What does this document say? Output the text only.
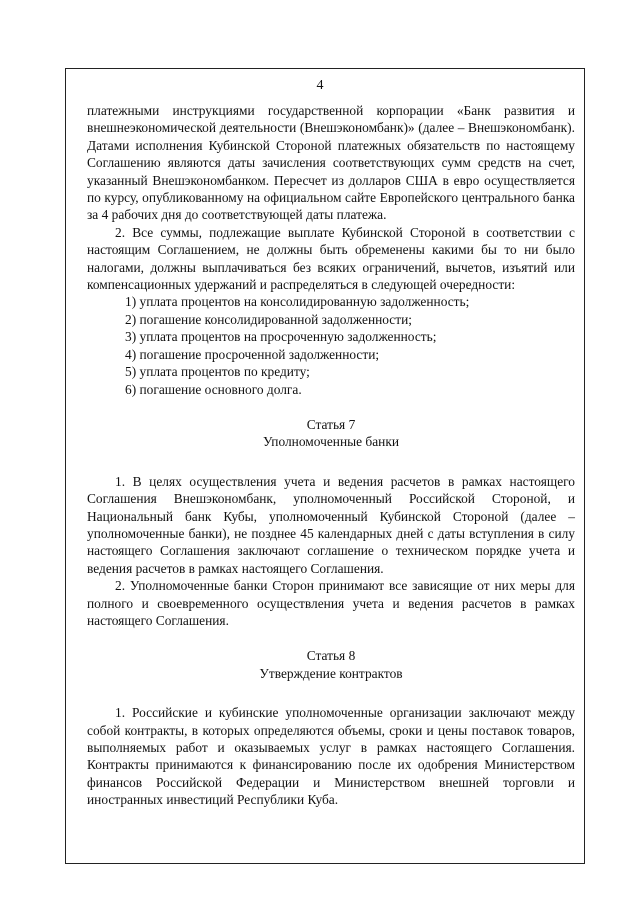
4

платежными инструкциями государственной корпорации «Банк развития и внешнеэкономической деятельности (Внешэкономбанк)» (далее – Внешэкономбанк). Датами исполнения Кубинской Стороной платежных обязательств по настоящему Соглашению являются даты зачисления соответствующих сумм средств на счет, указанный Внешэкономбанком. Пересчет из долларов США в евро осуществляется по курсу, опубликованному на официальном сайте Европейского центрального банка за 4 рабочих дня до соответствующей даты платежа.

2. Все суммы, подлежащие выплате Кубинской Стороной в соответствии с настоящим Соглашением, не должны быть обременены какими бы то ни было налогами, должны выплачиваться без всяких ограничений, вычетов, изъятий или компенсационных удержаний и распределяться в следующей очередности:

1) уплата процентов на консолидированную задолженность;
2) погашение консолидированной задолженности;
3) уплата процентов на просроченную задолженность;
4) погашение просроченной задолженности;
5) уплата процентов по кредиту;
6) погашение основного долга.

Статья 7

Уполномоченные банки

1. В целях осуществления учета и ведения расчетов в рамках настоящего Соглашения Внешэкономбанк, уполномоченный Российской Стороной, и Национальный банк Кубы, уполномоченный Кубинской Стороной (далее – уполномоченные банки), не позднее 45 календарных дней с даты вступления в силу настоящего Соглашения заключают соглашение о техническом порядке учета и ведения расчетов в рамках настоящего Соглашения.

2. Уполномоченные банки Сторон принимают все зависящие от них меры для полного и своевременного осуществления учета и ведения расчетов в рамках настоящего Соглашения.

Статья 8

Утверждение контрактов

1. Российские и кубинские уполномоченные организации заключают между собой контракты, в которых определяются объемы, сроки и цены поставок товаров, выполняемых работ и оказываемых услуг в рамках настоящего Соглашения. Контракты принимаются к финансированию после их одобрения Министерством финансов Российской Федерации и Министерством внешней торговли и иностранных инвестиций Республики Куба.
